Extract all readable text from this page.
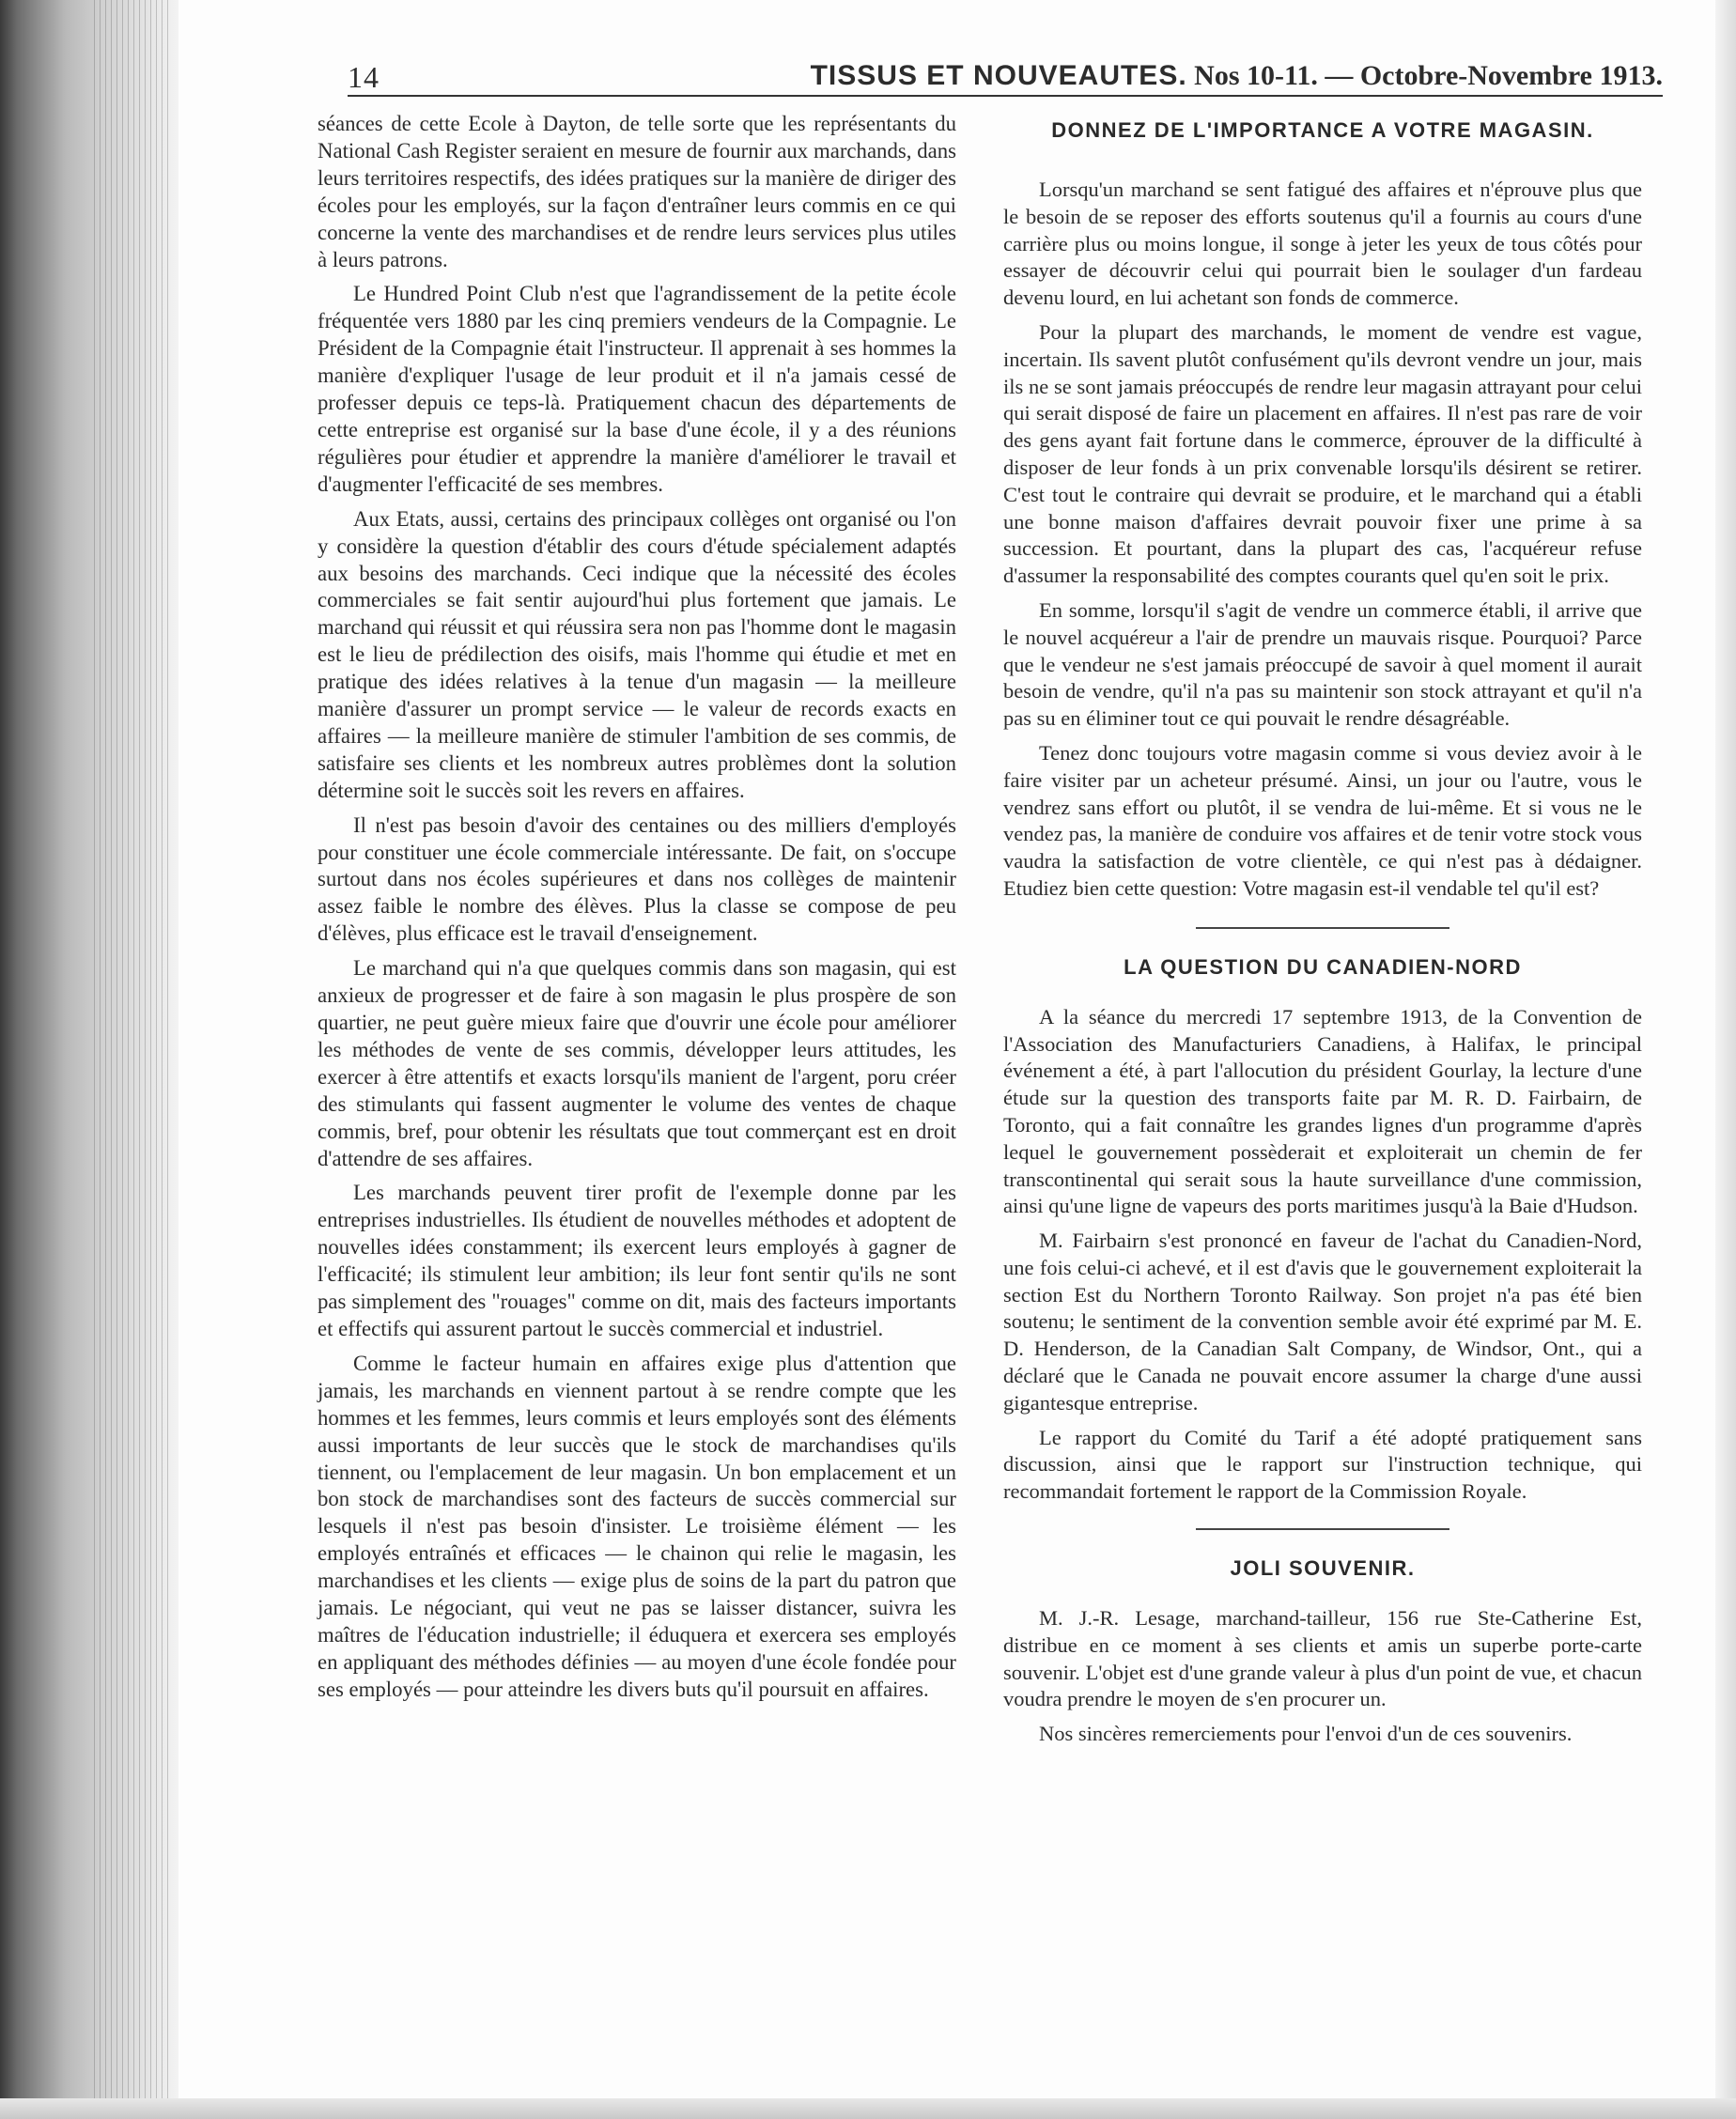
14	TISSUS ET NOUVEAUTES. Nos 10-11. — Octobre-Novembre 1913.

séances de cette Ecole à Dayton, de telle sorte que les représentants du National Cash Register seraient en mesure de fournir aux marchands, dans leurs territoires respectifs, des idées pratiques sur la manière de diriger des écoles pour les employés, sur la façon d'entraîner leurs commis en ce qui concerne la vente des marchandises et de rendre leurs services plus utiles à leurs patrons.

Le Hundred Point Club n'est que l'agrandissement de la petite école fréquentée vers 1880 par les cinq premiers vendeurs de la Compagnie. Le Président de la Compagnie était l'instructeur. Il apprenait à ses hommes la manière d'expliquer l'usage de leur produit et il n'a jamais cessé de professer depuis ce teps-là. Pratiquement chacun des départements de cette entreprise est organisé sur la base d'une école, il y a des réunions régulières pour étudier et apprendre la manière d'améliorer le travail et d'augmenter l'efficacité de ses membres.

Aux Etats, aussi, certains des principaux collèges ont organisé ou l'on y considère la question d'établir des cours d'étude spécialement adaptés aux besoins des marchands. Ceci indique que la nécessité des écoles commerciales se fait sentir aujourd'hui plus fortement que jamais. Le marchand qui réussit et qui réussira sera non pas l'homme dont le magasin est le lieu de prédilection des oisifs, mais l'homme qui étudie et met en pratique des idées relatives à la tenue d'un magasin — la meilleure manière d'assurer un prompt service — le valeur de records exacts en affaires — la meilleure manière de stimuler l'ambition de ses commis, de satisfaire ses clients et les nombreux autres problèmes dont la solution détermine soit le succès soit les revers en affaires.

Il n'est pas besoin d'avoir des centaines ou des milliers d'employés pour constituer une école commerciale intéressante. De fait, on s'occupe surtout dans nos écoles supérieures et dans nos collèges de maintenir assez faible le nombre des élèves. Plus la classe se compose de peu d'élèves, plus efficace est le travail d'enseignement.

Le marchand qui n'a que quelques commis dans son magasin, qui est anxieux de progresser et de faire à son magasin le plus prospère de son quartier, ne peut guère mieux faire que d'ouvrir une école pour améliorer les méthodes de vente de ses commis, développer leurs attitudes, les exercer à être attentifs et exacts lorsqu'ils manient de l'argent, poru créer des stimulants qui fassent augmenter le volume des ventes de chaque commis, bref, pour obtenir les résultats que tout commerçant est en droit d'attendre de ses affaires.

Les marchands peuvent tirer profit de l'exemple donne par les entreprises industrielles. Ils étudient de nouvelles méthodes et adoptent de nouvelles idées constamment; ils exercent leurs employés à gagner de l'efficacité; ils stimulent leur ambition; ils leur font sentir qu'ils ne sont pas simplement des "rouages" comme on dit, mais des facteurs importants et effectifs qui assurent partout le succès commercial et industriel.

Comme le facteur humain en affaires exige plus d'attention que jamais, les marchands en viennent partout à se rendre compte que les hommes et les femmes, leurs commis et leurs employés sont des éléments aussi importants de leur succès que le stock de marchandises qu'ils tiennent, ou l'emplacement de leur magasin. Un bon emplacement et un bon stock de marchandises sont des facteurs de succès commercial sur lesquels il n'est pas besoin d'insister. Le troisième élément — les employés entraînés et efficaces — le chainon qui relie le magasin, les marchandises et les clients — exige plus de soins de la part du patron que jamais. Le négociant, qui veut ne pas se laisser distancer, suivra les maîtres de l'éducation industrielle; il éduquera et exercera ses employés en appliquant des méthodes définies — au moyen d'une école fondée pour ses employés — pour atteindre les divers buts qu'il poursuit en affaires.

DONNEZ DE L'IMPORTANCE A VOTRE MAGASIN.

Lorsqu'un marchand se sent fatigué des affaires et n'éprouve plus que le besoin de se reposer des efforts soutenus qu'il a fournis au cours d'une carrière plus ou moins longue, il songe à jeter les yeux de tous côtés pour essayer de découvrir celui qui pourrait bien le soulager d'un fardeau devenu lourd, en lui achetant son fonds de commerce.

Pour la plupart des marchands, le moment de vendre est vague, incertain. Ils savent plutôt confusément qu'ils devront vendre un jour, mais ils ne se sont jamais préoccupés de rendre leur magasin attrayant pour celui qui serait disposé de faire un placement en affaires. Il n'est pas rare de voir des gens ayant fait fortune dans le commerce, éprouver de la difficulté à disposer de leur fonds à un prix convenable lorsqu'ils désirent se retirer. C'est tout le contraire qui devrait se produire, et le marchand qui a établi une bonne maison d'affaires devrait pouvoir fixer une prime à sa succession. Et pourtant, dans la plupart des cas, l'acquéreur refuse d'assumer la responsabilité des comptes courants quel qu'en soit le prix.

En somme, lorsqu'il s'agit de vendre un commerce établi, il arrive que le nouvel acquéreur a l'air de prendre un mauvais risque. Pourquoi? Parce que le vendeur ne s'est jamais préoccupé de savoir à quel moment il aurait besoin de vendre, qu'il n'a pas su maintenir son stock attrayant et qu'il n'a pas su en éliminer tout ce qui pouvait le rendre désagréable.

Tenez donc toujours votre magasin comme si vous deviez avoir à le faire visiter par un acheteur présumé. Ainsi, un jour ou l'autre, vous le vendrez sans effort ou plutôt, il se vendra de lui-même. Et si vous ne le vendez pas, la manière de conduire vos affaires et de tenir votre stock vous vaudra la satisfaction de votre clientèle, ce qui n'est pas à dédaigner. Etudiez bien cette question: Votre magasin est-il vendable tel qu'il est?

LA QUESTION DU CANADIEN-NORD

A la séance du mercredi 17 septembre 1913, de la Convention de l'Association des Manufacturiers Canadiens, à Halifax, le principal événement a été, à part l'allocution du président Gourlay, la lecture d'une étude sur la question des transports faite par M. R. D. Fairbairn, de Toronto, qui a fait connaître les grandes lignes d'un programme d'après lequel le gouvernement possèderait et exploiterait un chemin de fer transcontinental qui serait sous la haute surveillance d'une commission, ainsi qu'une ligne de vapeurs des ports maritimes jusqu'à la Baie d'Hudson.

M. Fairbairn s'est prononcé en faveur de l'achat du Canadien-Nord, une fois celui-ci achevé, et il est d'avis que le gouvernement exploiterait la section Est du Northern Toronto Railway. Son projet n'a pas été bien soutenu; le sentiment de la convention semble avoir été exprimé par M. E. D. Henderson, de la Canadian Salt Company, de Windsor, Ont., qui a déclaré que le Canada ne pouvait encore assumer la charge d'une aussi gigantesque entreprise.

Le rapport du Comité du Tarif a été adopté pratiquement sans discussion, ainsi que le rapport sur l'instruction technique, qui recommandait fortement le rapport de la Commission Royale.

JOLI SOUVENIR.

M. J.-R. Lesage, marchand-tailleur, 156 rue Ste-Catherine Est, distribue en ce moment à ses clients et amis un superbe porte-carte souvenir. L'objet est d'une grande valeur à plus d'un point de vue, et chacun voudra prendre le moyen de s'en procurer un.

Nos sincères remerciements pour l'envoi d'un de ces souvenirs.
